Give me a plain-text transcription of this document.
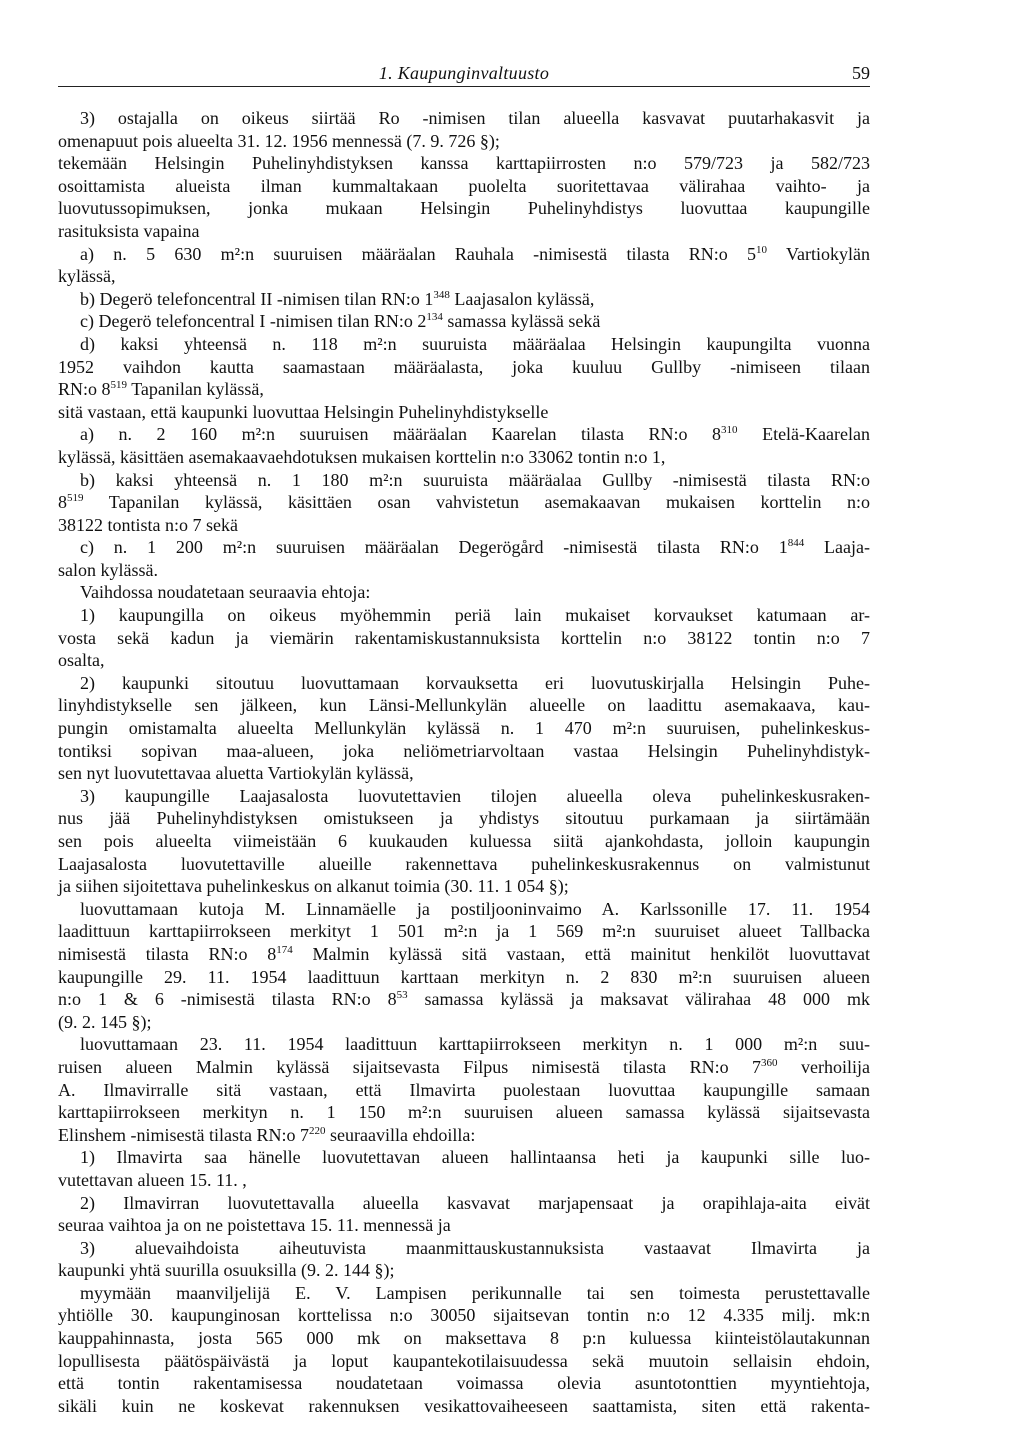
1. Kaupunginvaltuusto	59
3) ostajalla on oikeus siirtää Ro -nimisen tilan alueella kasvavat puutarhakasvit ja
omenapuut pois alueelta 31. 12. 1956 mennessä (7. 9. 726 §);
tekemään Helsingin Puhelinyhdistyksen kanssa karttapiirrosten n:o 579/723 ja 582/723
osoittamista alueista ilman kummaltakaan puolelta suoritettavaa välirahaa vaihto- ja
luovutussopimuksen, jonka mukaan Helsingin Puhelinyhdistys luovuttaa kaupungille
rasituksista vapaina
a) n. 5 630 m²:n suuruisen määräalan Rauhala -nimisestä tilasta RN:o $5^{10}$ Vartiokylän
kylässä,
b) Degerö telefoncentral II -nimisen tilan RN:o $1^{348}$ Laajasalon kylässä,
c) Degerö telefoncentral I -nimisen tilan RN:o $2^{134}$ samassa kylässä sekä
d) kaksi yhteensä n. 118 m²:n suuruista määräalaa Helsingin kaupungilta vuonna
1952 vaihdon kautta saamastaan määräalasta, joka kuuluu Gullby -nimiseen tilaan
RN:o $8^{519}$ Tapanilan kylässä,
sitä vastaan, että kaupunki luovuttaa Helsingin Puhelinyhdistykselle
a) n. 2 160 m²:n suuruisen määräalan Kaarelan tilasta RN:o $8^{310}$ Etelä-Kaarelan
kylässä, käsittäen asemakaavaehdotuksen mukaisen korttelin n:o 33062 tontin n:o 1,
b) kaksi yhteensä n. 1 180 m²:n suuruista määräalaa Gullby -nimisestä tilasta RN:o
$8^{519}$ Tapanilan kylässä, käsittäen osan vahvistetun asemakaavan mukaisen korttelin n:o
38122 tontista n:o 7 sekä
c) n. 1 200 m²:n suuruisen määräalan Degerögård -nimisestä tilasta RN:o $1^{844}$ Laaja-
salon kylässä.
Vaihdossa noudatetaan seuraavia ehtoja:
1) kaupungilla on oikeus myöhemmin periä lain mukaiset korvaukset katumaan ar-
vosta sekä kadun ja viemärin rakentamiskustannuksista korttelin n:o 38122 tontin n:o 7
osalta,
2) kaupunki sitoutuu luovuttamaan korvauksetta eri luovutuskirjalla Helsingin Puhe-
linyhdistykselle sen jälkeen, kun Länsi-Mellunkylän alueelle on laadittu asemakaava, kau-
pungin omistamalta alueelta Mellunkylän kylässä n. 1 470 m²:n suuruisen, puhelinkeskus-
tontiksi sopivan maa-alueen, joka neliömetriarvoltaan vastaa Helsingin Puhelinyhdistyk-
sen nyt luovutettavaa aluetta Vartiokylän kylässä,
3) kaupungille Laajasalosta luovutettavien tilojen alueella oleva puhelinkeskusraken-
nus jää Puhelinyhdistyksen omistukseen ja yhdistys sitoutuu purkamaan ja siirtämään
sen pois alueelta viimeistään 6 kuukauden kuluessa siitä ajankohdasta, jolloin kaupungin
Laajasalosta luovutettaville alueille rakennettava puhelinkeskusrakennus on valmistunut
ja siihen sijoitettava puhelinkeskus on alkanut toimia (30. 11. 1 054 §);
luovuttamaan kutoja M. Linnamäelle ja postiljooninvaimo A. Karlssonille 17. 11. 1954
laadittuun karttapiirrokseen merkityt 1 501 m²:n ja 1 569 m²:n suuruiset alueet Tallbacka
nimisestä tilasta RN:o $8^{174}$ Malmin kylässä sitä vastaan, että mainitut henkilöt luovuttavat
kaupungille 29. 11. 1954 laadittuun karttaan merkityn n. 2 830 m²:n suuruisen alueen
n:o 1 & 6 -nimisestä tilasta RN:o $8^{53}$ samassa kylässä ja maksavat välirahaa 48 000 mk
(9. 2. 145 §);
luovuttamaan 23. 11. 1954 laadittuun karttapiirrokseen merkityn n. 1 000 m²:n suu-
ruisen alueen Malmin kylässä sijaitsevasta Filpus nimisestä tilasta RN:o $7^{360}$ verhoilija
A. Ilmavirralle sitä vastaan, että Ilmavirta puolestaan luovuttaa kaupungille samaan
karttapiirrokseen merkityn n. 1 150 m²:n suuruisen alueen samassa kylässä sijaitsevasta
Elinshem -nimisestä tilasta RN:o $7^{220}$ seuraavilla ehdoilla:
1) Ilmavirta saa hänelle luovutettavan alueen hallintaansa heti ja kaupunki sille luo-
vutettavan alueen 15. 11. ,
2) Ilmavirran luovutettavalla alueella kasvavat marjapensaat ja orapihlaja-aita eivät
seuraa vaihtoa ja on ne poistettava 15. 11. mennessä ja
3) aluevaihdoista aiheutuvista maanmittauskustannuksista vastaavat Ilmavirta ja
kaupunki yhtä suurilla osuuksilla (9. 2. 144 §);
myymään maanviljelijä E. V. Lampisen perikunnalle tai sen toimesta perustettavalle
yhtiölle 30. kaupunginosan korttelissa n:o 30050 sijaitsevan tontin n:o 12 4.335 milj. mk:n
kauppahinnasta, josta 565 000 mk on maksettava 8 p:n kuluessa kiinteistölautakunnan
lopullisesta päätöspäivästä ja loput kaupantekotilaisuudessa sekä muutoin sellaisin ehdoin,
että tontin rakentamisessa noudatetaan voimassa olevia asuntotonttien myyntiehtoja,
sikäli kuin ne koskevat rakennuksen vesikattovaiheeseen saattamista, siten että rakenta-
